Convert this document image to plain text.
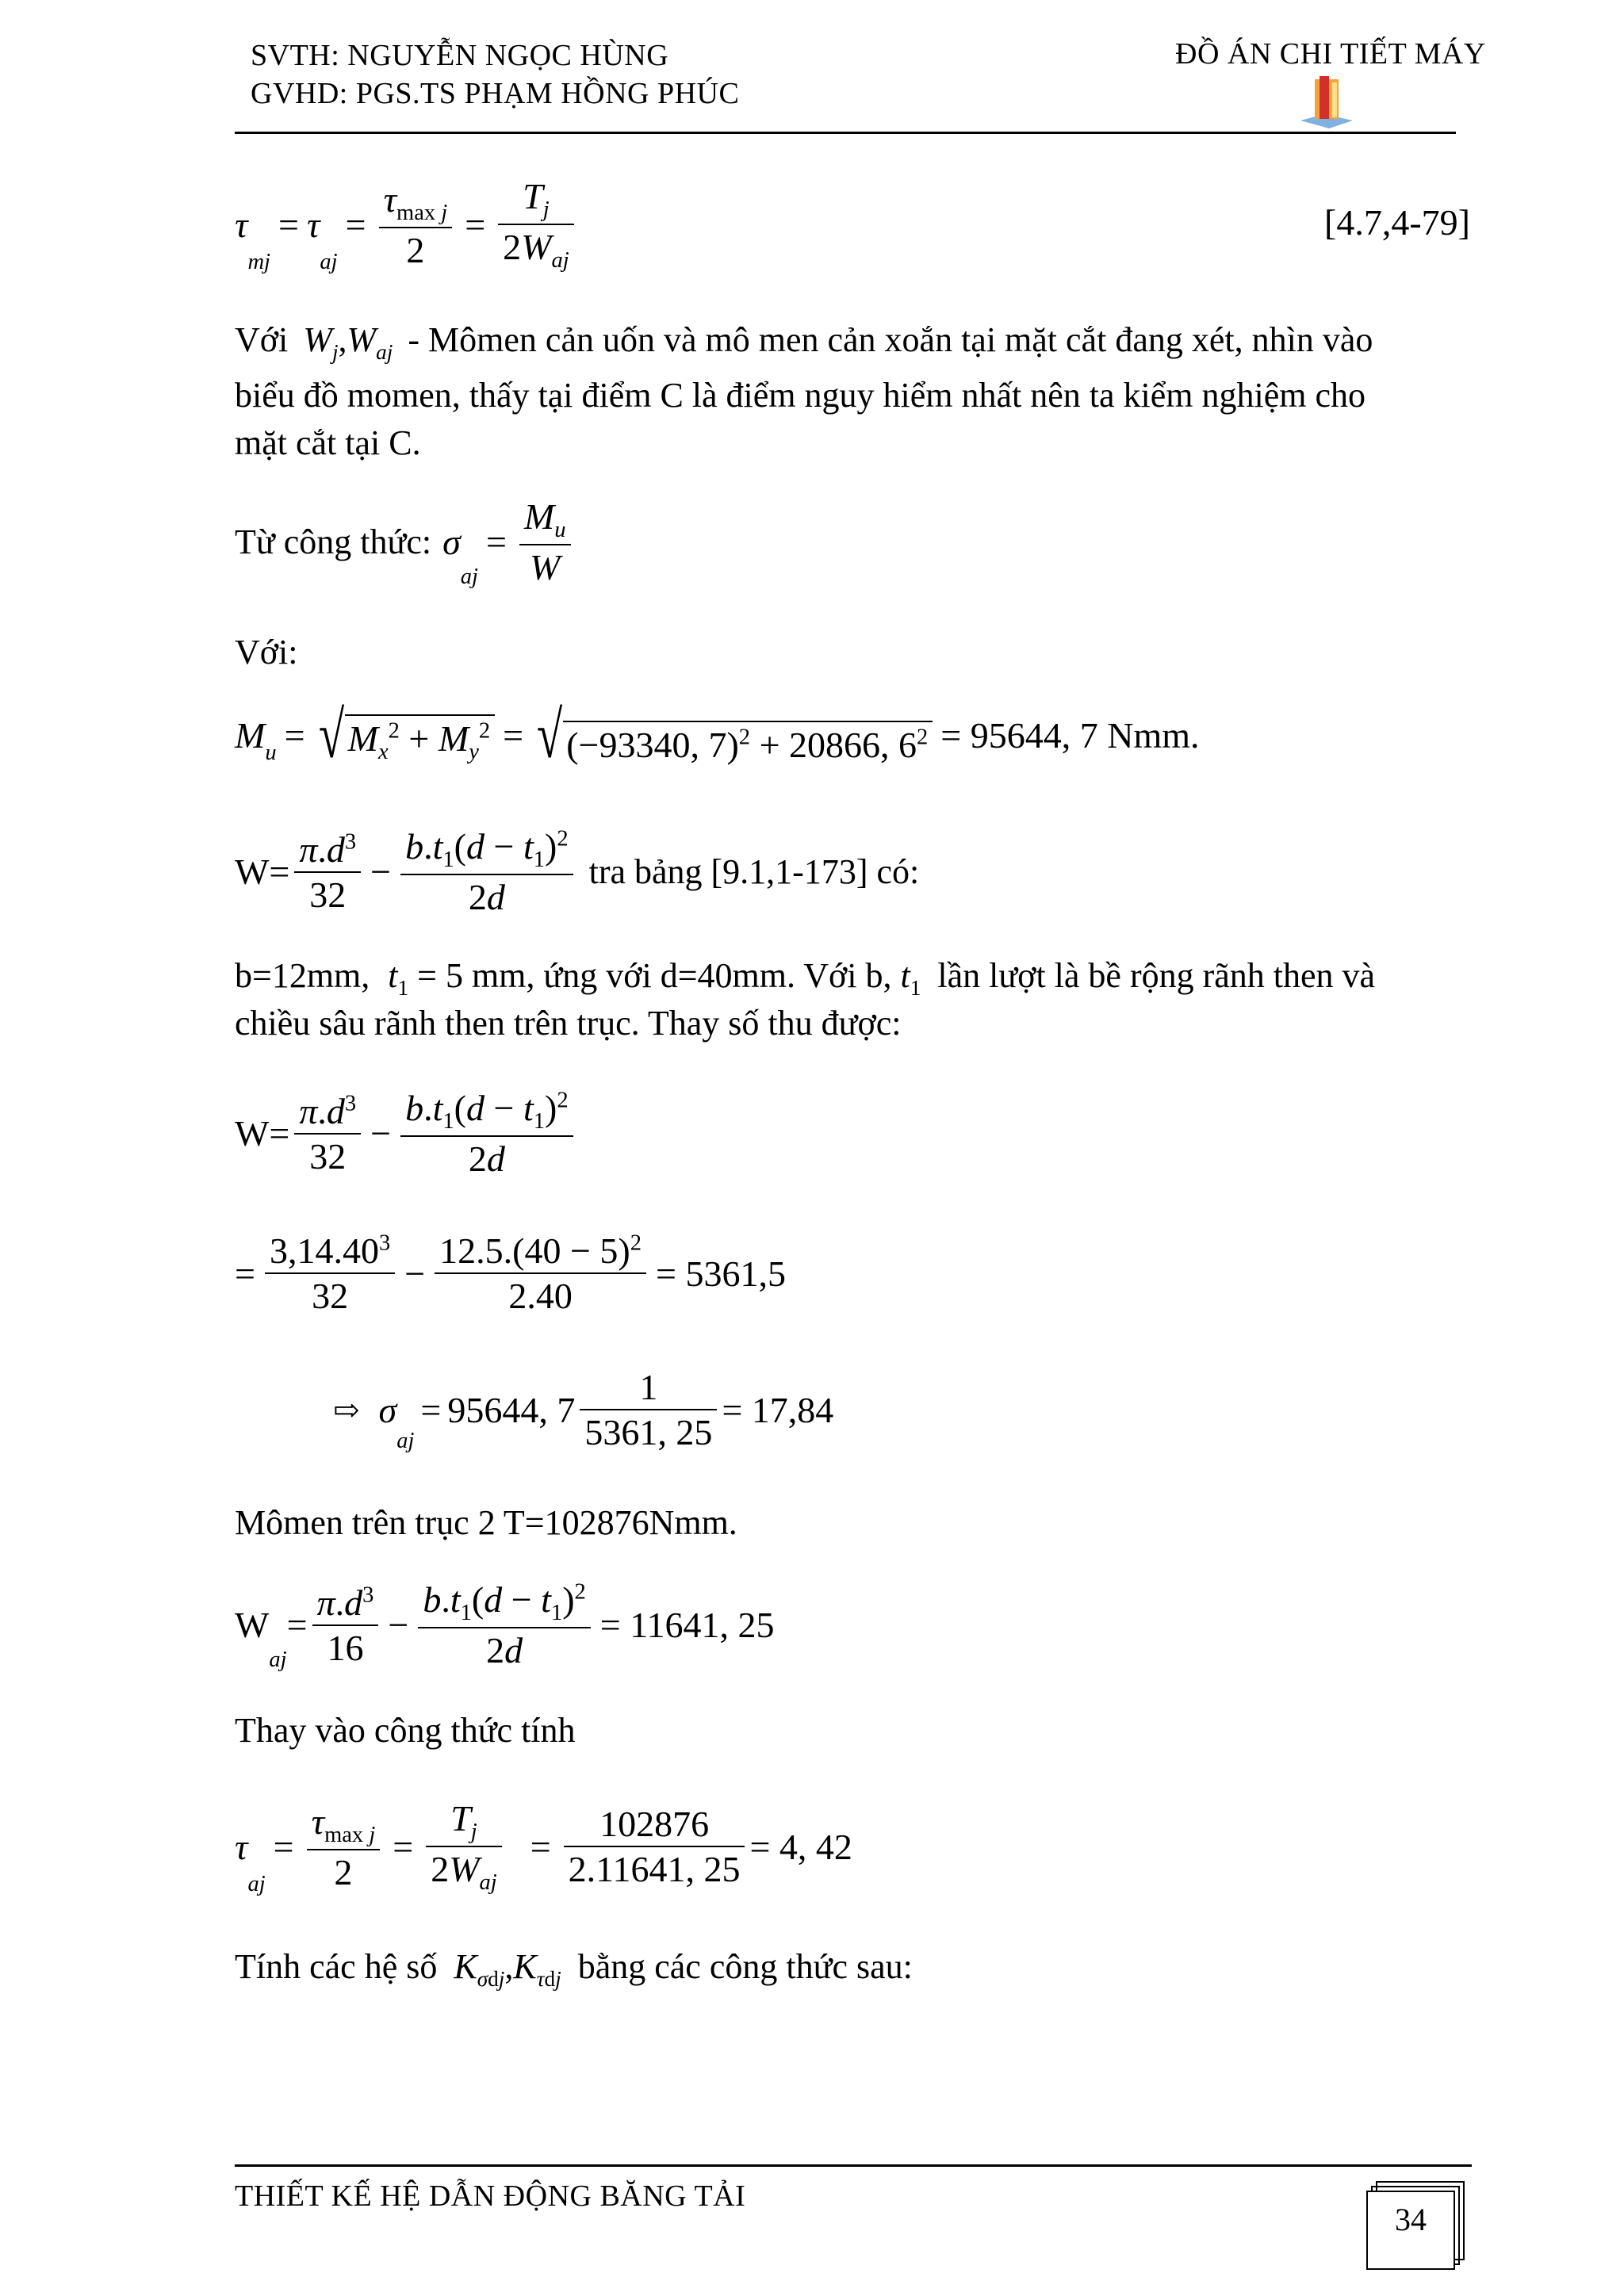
SVTH: NGUYỄN NGỌC HÙNG
GVHD: PGS.TS PHẠM HỒNG PHÚC
ĐỒ ÁN CHI TIẾT MÁY
τ
mj
= τ
aj
= $\frac{\tau_{max j}}{2} = \frac{T_j}{2W_{aj}}$	[4.7,4-79]
Với $W_j,W_{aj}$ - Mômen cản uốn và mô men cản xoắn tại mặt cắt đang xét, nhìn vào
biểu đồ momen, thấy tại điểm C là điểm nguy hiểm nhất nên ta kiểm nghiệm cho
mặt cắt tại C.
Từ công thức: σ
aj
= $\frac{M_u}{W}$
Với:
$M_u$ = √ $M_x^2 + M_y^2$ = √ (−93340, 7)$^2$ + 20866, $6^2 = 95644$, 7 Nmm.
$W= \frac{\pi.d^3}{32} - \frac{b.t_1(d - t_1)^2}{2d}$ tra bảng [9.1,1-173] có:
b=12mm, $t_1 = 5$ mm, ứng với d=40mm. Với b, $t_1$ lần lượt là bề rộng rãnh then và
chiều sâu rãnh then trên trục. Thay số thu được:
$W= \frac{\pi.d^3}{32} - \frac{b.t_1(d - t_1)^2}{2d}$
= $\frac{3,14.40^3}{32} - \frac{12.5.(40 - 5)^2}{2.40} = 5361,5$
⇨ σ
$_{aj}$
= 95644, $7 \frac{1}{5361, 25} = 17,84$
Mômen trên trục 2 T=102876Nmm.
W
aj
= $\frac{\pi.d^3}{16} - \frac{b.t_1(d - t_1)^2}{2d} = 11641$, 25
Thay vào công thức tính
τ
aj
= $\frac{\tau_{max j}}{2} = \frac{T_j}{2W_{aj}} = \frac{102876}{2.11641, 25} = 4$, 42
Tính các hệ số $K_{\sigma dj},K_{\tau dj}$ bằng các công thức sau:
THIẾT KẾ HỆ DẪN ĐỘNG BĂNG TẢI
34
